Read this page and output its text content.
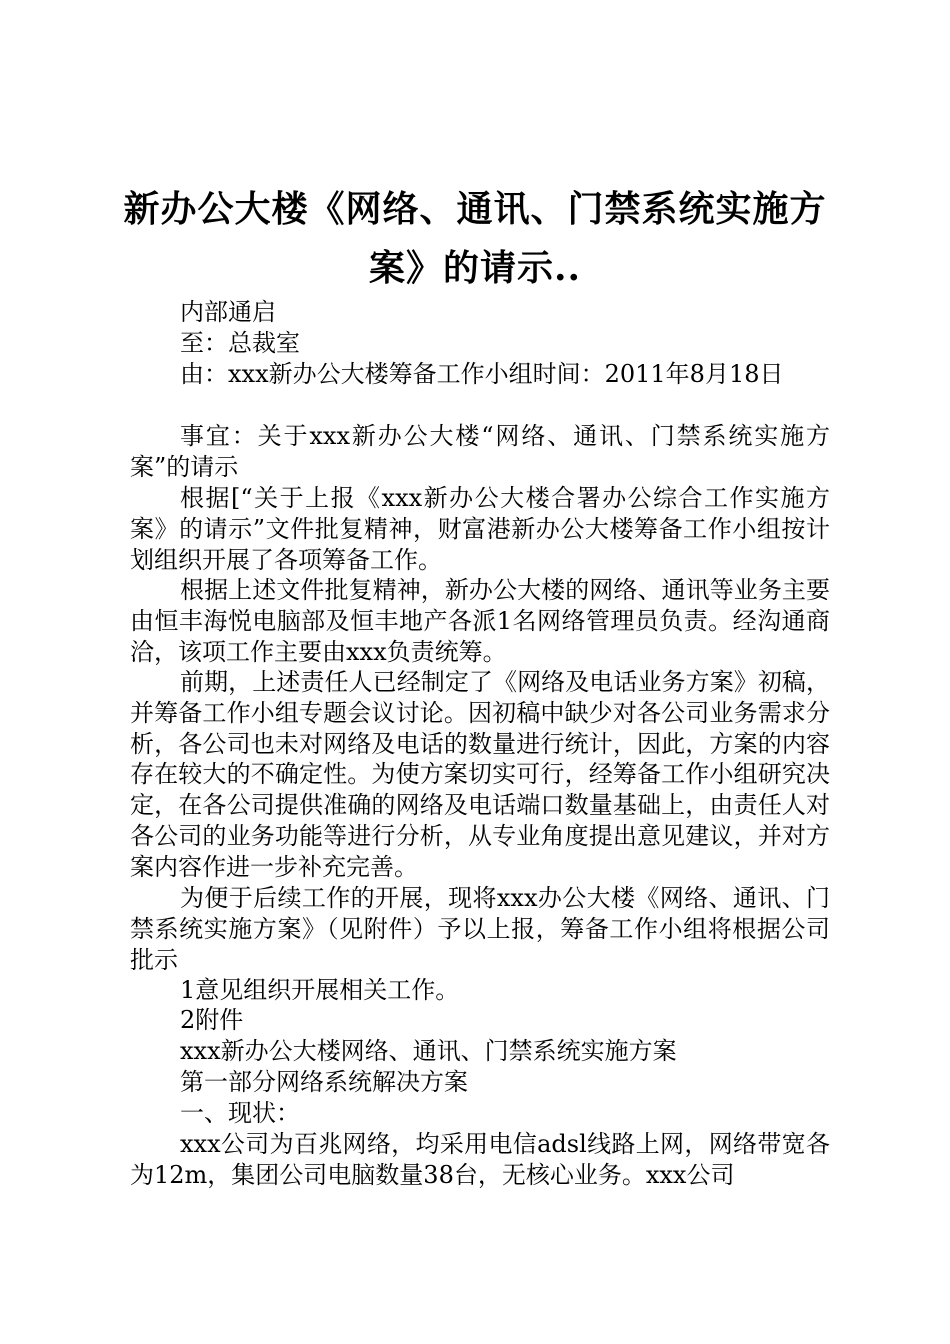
新办公大楼《网络、通讯、门禁系统实施方
案》的请示..
内部通启
至：总裁室
由：xxx新办公大楼筹备工作小组时间：2011年8月18日
事宜：关于xxx新办公大楼“网络、通讯、门禁系统实施方案”的请示
根据[“关于上报《xxx新办公大楼合署办公综合工作实施方案》的请示”文件批复精神，财富港新办公大楼筹备工作小组按计划组织开展了各项筹备工作。
根据上述文件批复精神，新办公大楼的网络、通讯等业务主要由恒丰海悦电脑部及恒丰地产各派1名网络管理员负责。经沟通商洽，该项工作主要由xxx负责统筹。
前期，上述责任人已经制定了《网络及电话业务方案》初稿，并筹备工作小组专题会议讨论。因初稿中缺少对各公司业务需求分析，各公司也未对网络及电话的数量进行统计，因此，方案的内容存在较大的不确定性。为使方案切实可行，经筹备工作小组研究决定，在各公司提供准确的网络及电话端口数量基础上，由责任人对各公司的业务功能等进行分析，从专业角度提出意见建议，并对方案内容作进一步补充完善。
为便于后续工作的开展，现将xxx办公大楼《网络、通讯、门禁系统实施方案》（见附件）予以上报，筹备工作小组将根据公司批示
1意见组织开展相关工作。
2附件
xxx新办公大楼网络、通讯、门禁系统实施方案
第一部分网络系统解决方案
一、现状：
xxx公司为百兆网络，均采用电信adsl线路上网，网络带宽各为12m，集团公司电脑数量38台，无核心业务。xxx公司
